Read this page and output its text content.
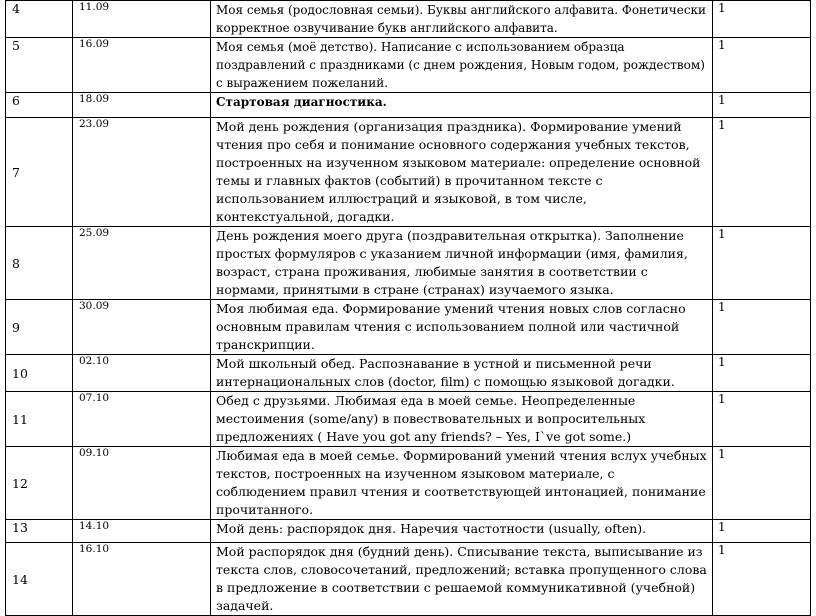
4	11.09	Моя семья (родословная семьи). Буквы английского алфавита. Фонетически корректное озвучивание букв английского алфавита.	1
5	16.09	Моя семья (моё детство). Написание с использованием образца поздравлений с праздниками (с днем рождения, Новым годом, рождеством) с выражением пожеланий.	1
6	18.09	Стартовая диагностика.	1
7	23.09	Мой день рождения (организация праздника). Формирование умений чтения про себя и понимание основного содержания учебных текстов, построенных на изученном языковом материале: определение основной темы и главных фактов (событий) в прочитанном тексте с использованием иллюстраций и языковой, в том числе, контекстуальной, догадки.	1
8	25.09	День рождения моего друга (поздравительная открытка). Заполнение простых формуляров с указанием личной информации (имя, фамилия, возраст, страна проживания, любимые занятия в соответствии с нормами, принятыми в стране (странах) изучаемого языка.	1
9	30.09	Моя любимая еда. Формирование умений чтения новых слов согласно основным правилам чтения с использованием полной или частичной транскрипции.	1
10	02.10	Мой школьный обед. Распознавание в устной и письменной речи интернациональных слов (doctor, film) с помощью языковой догадки.	1
11	07.10	Обед с друзьями. Любимая еда в моей семье. Неопределенные местоимения (some/any) в повествовательных и вопросительных предложениях ( Have you got any friends? – Yes, I`ve got some.)	1
12	09.10	Любимая еда в моей семье. Формирований умений чтения вслух учебных текстов, построенных на изученном языковом материале, с соблюдением правил чтения и соответствующей интонацией, понимание прочитанного.	1
13	14.10	Мой день: распорядок дня. Наречия частотности (usually, often).	1
14	16.10	Мой распорядок дня (будний день). Списывание текста, выписывание из текста слов, словосочетаний, предложений; вставка пропущенного слова в предложение в соответствии с решаемой коммуникативной (учебной) задачей.	1
